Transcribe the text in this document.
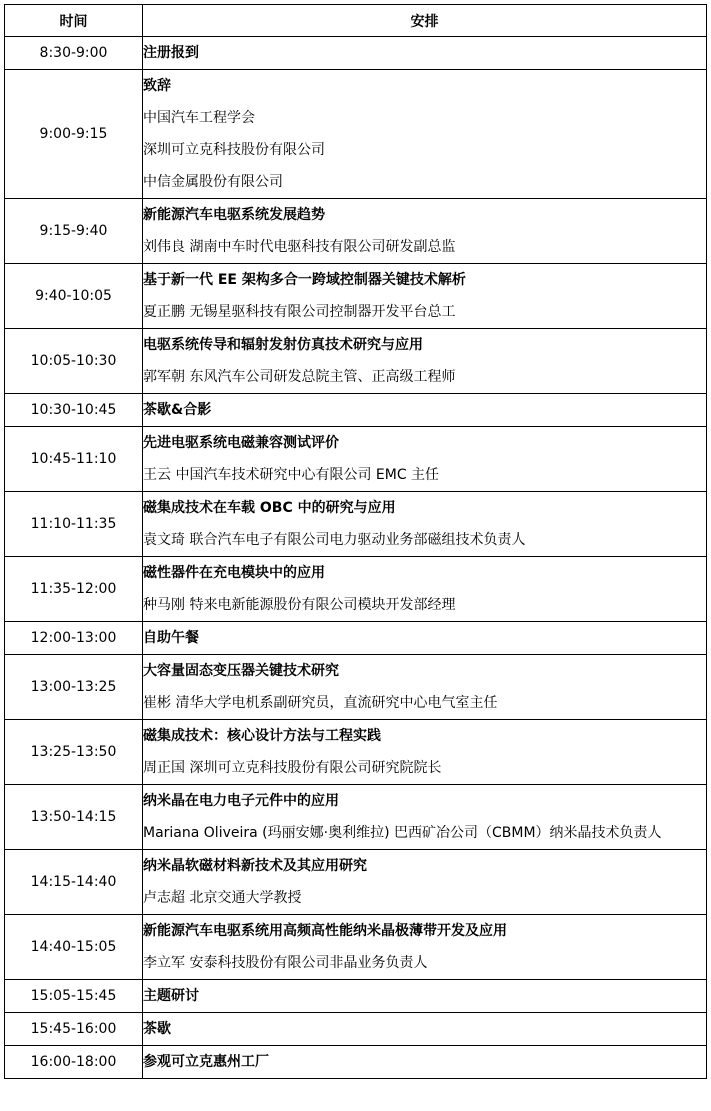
时间	安排
8:30-9:00	注册报到

9:00-9:15	致辞
中国汽车工程学会
深圳可立克科技股份有限公司
中信金属股份有限公司

9:15-9:40	新能源汽车电驱系统发展趋势
刘伟良 湖南中车时代电驱科技有限公司研发副总监

9:40-10:05	基于新一代 EE 架构多合一跨域控制器关键技术解析
夏正鹏 无锡星驱科技有限公司控制器开发平台总工

10:05-10:30	电驱系统传导和辐射发射仿真技术研究与应用
郭军朝 东风汽车公司研发总院主管、正高级工程师

10:30-10:45	茶歇&合影

10:45-11:10	先进电驱系统电磁兼容测试评价
王云 中国汽车技术研究中心有限公司 EMC 主任

11:10-11:35	磁集成技术在车载 OBC 中的研究与应用
袁文琦 联合汽车电子有限公司电力驱动业务部磁组技术负责人

11:35-12:00	磁性器件在充电模块中的应用
种马刚 特来电新能源股份有限公司模块开发部经理

12:00-13:00	自助午餐

13:00-13:25	大容量固态变压器关键技术研究
崔彬 清华大学电机系副研究员，直流研究中心电气室主任

13:25-13:50	磁集成技术：核心设计方法与工程实践
周正国 深圳可立克科技股份有限公司研究院院长

13:50-14:15	纳米晶在电力电子元件中的应用
Mariana Oliveira (玛丽安娜·奥利维拉) 巴西矿冶公司（CBMM）纳米晶技术负责人

14:15-14:40	纳米晶软磁材料新技术及其应用研究
卢志超 北京交通大学教授

14:40-15:05	新能源汽车电驱系统用高频高性能纳米晶极薄带开发及应用
李立军 安泰科技股份有限公司非晶业务负责人

15:05-15:45	主题研讨

15:45-16:00	茶歇

16:00-18:00	参观可立克惠州工厂
